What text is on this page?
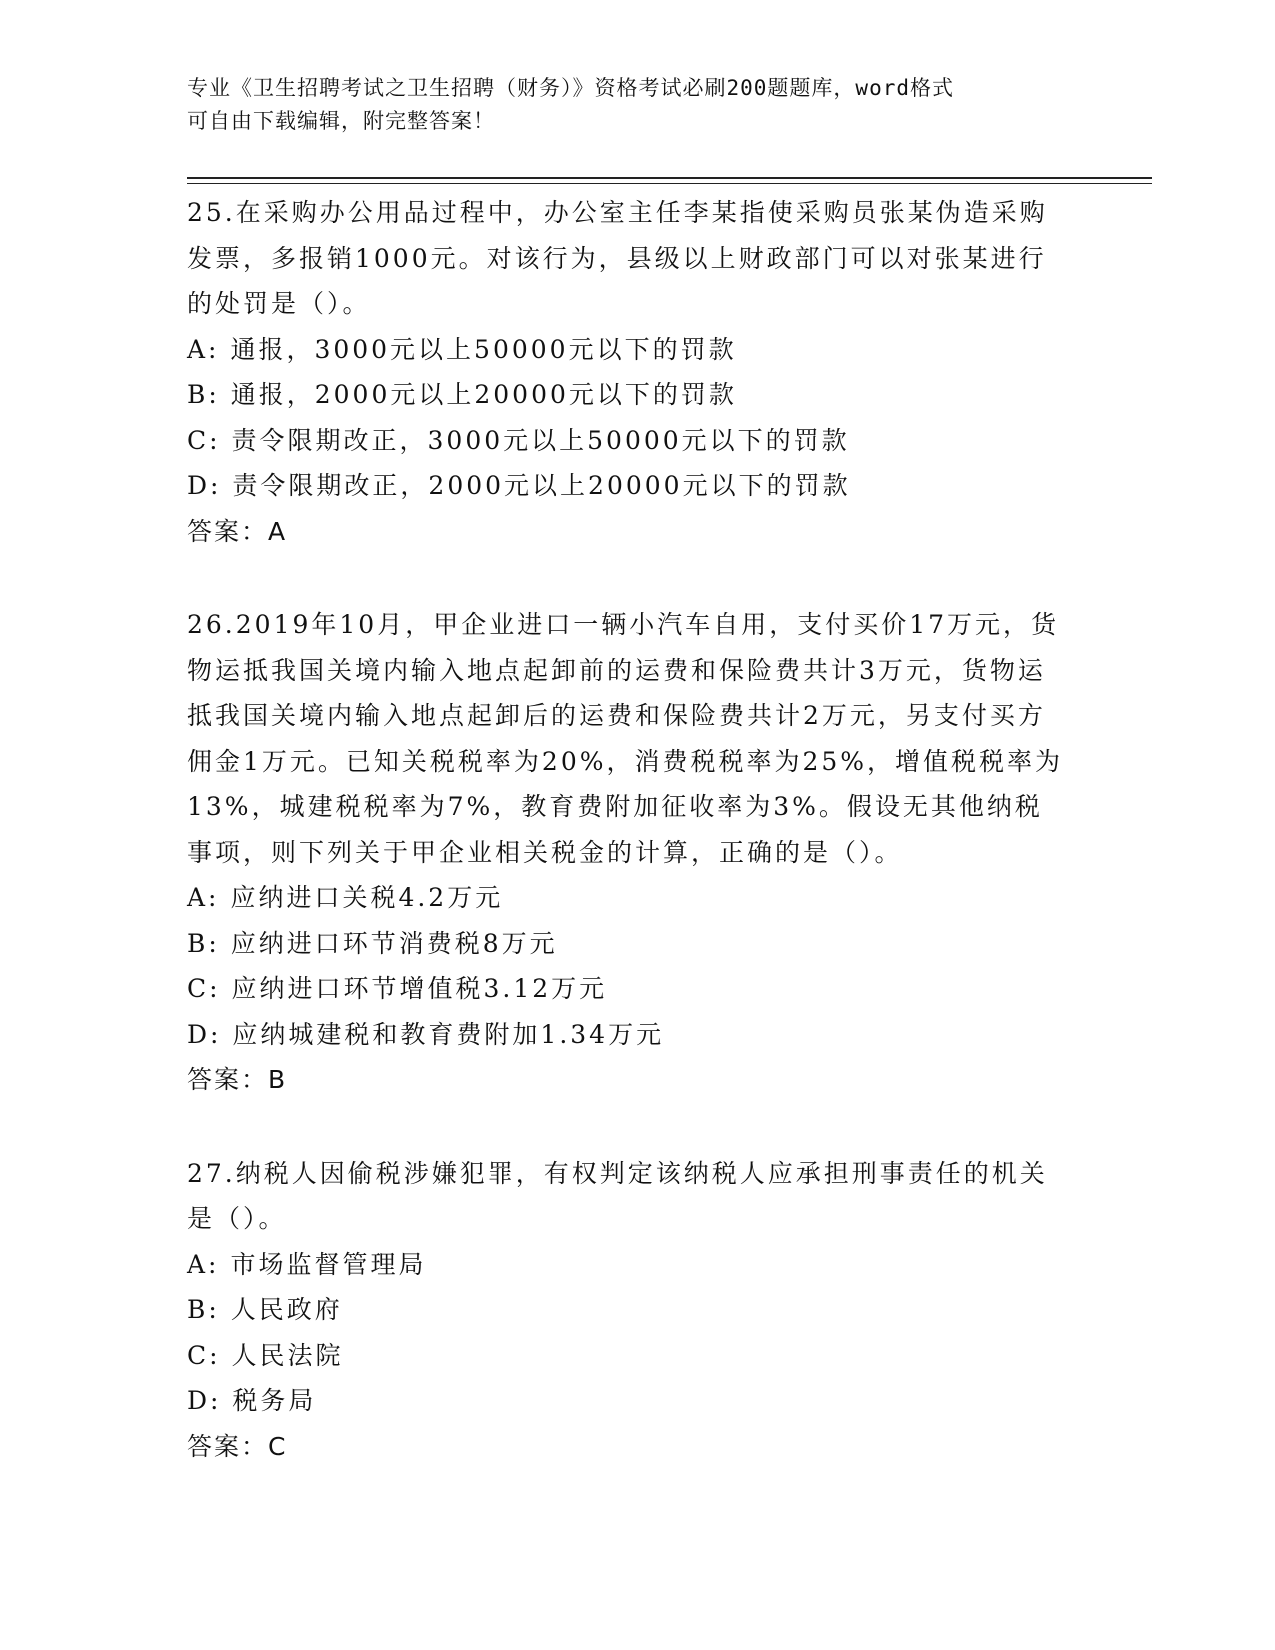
专业《卫生招聘考试之卫生招聘（财务）》资格考试必刷200题题库，word格式
可自由下载编辑，附完整答案！

25.在采购办公用品过程中，办公室主任李某指使采购员张某伪造采购发票，多报销1000元。对该行为，县级以上财政部门可以对张某进行的处罚是（）。

A: 通报，3000元以上50000元以下的罚款
B: 通报，2000元以上20000元以下的罚款
C: 责令限期改正，3000元以上50000元以下的罚款
D: 责令限期改正，2000元以上20000元以下的罚款
答案：A

26.2019年10月，甲企业进口一辆小汽车自用，支付买价17万元，货物运抵我国关境内输入地点起卸前的运费和保险费共计3万元，货物运抵我国关境内输入地点起卸后的运费和保险费共计2万元，另支付买方佣金1万元。已知关税税率为20%，消费税税率为25%，增值税税率为13%，城建税税率为7%，教育费附加征收率为3%。假设无其他纳税事项，则下列关于甲企业相关税金的计算，正确的是（）。

A: 应纳进口关税4.2万元
B: 应纳进口环节消费税8万元
C: 应纳进口环节增值税3.12万元
D: 应纳城建税和教育费附加1.34万元
答案：B

27.纳税人因偷税涉嫌犯罪，有权判定该纳税人应承担刑事责任的机关是（）。

A: 市场监督管理局
B: 人民政府
C: 人民法院
D: 税务局
答案：C
